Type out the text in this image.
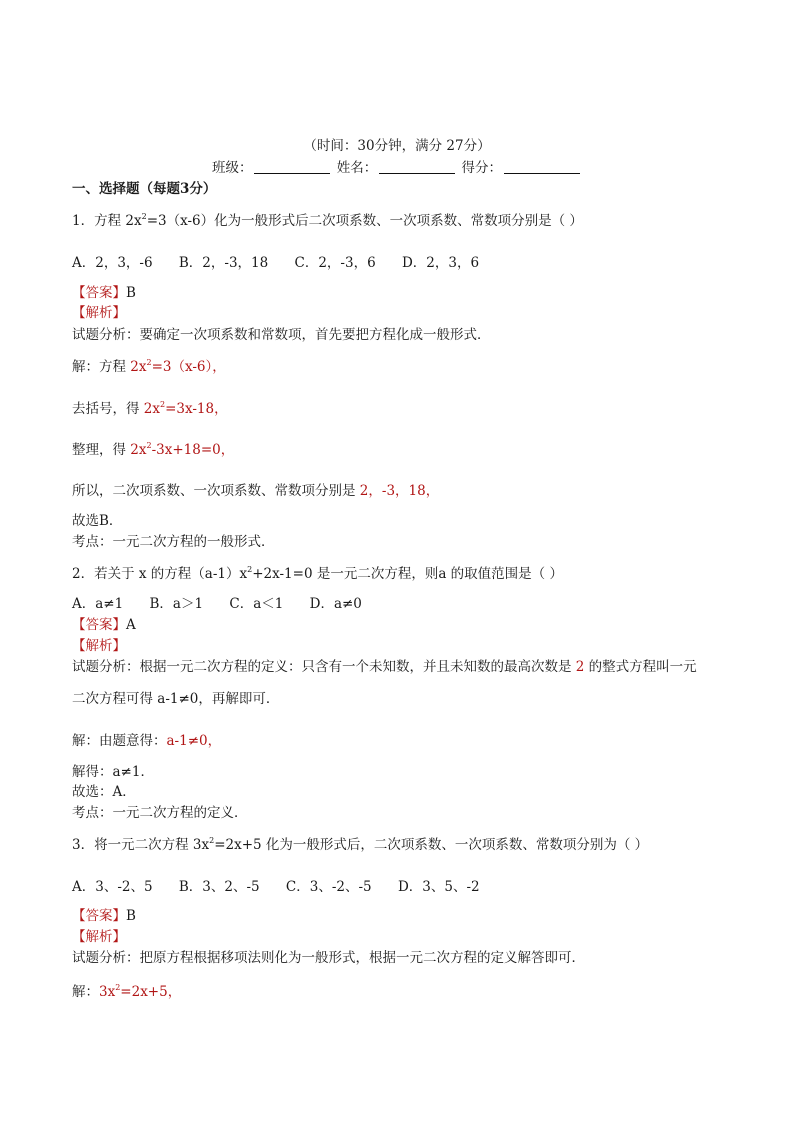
（时间：30分钟，满分 27分）
班级：	姓名：	得分：
一、选择题（每题3分）
1．方程 $2x^2=3(x-6)$化为一般形式后二次项系数、一次项系数、常数项分别是（ ）
A．2，3，-6 B．2，-3，18 C．2，-3，6 D．2，3，6
【答案】B
【解析】
试题分析：要确定一次项系数和常数项，首先要把方程化成一般形式．
解：方程 $2x^2=3(x-6)$，
去括号，得 $2x^2=3x-18$，
整理，得 $2x^2-3x+18=0$，
所以，二次项系数、一次项系数、常数项分别是 2，-3，18，
故选B．
考点：一元二次方程的一般形式．
2．若关于 x 的方程$(a-1)x^2+2x-1=0$ 是一元二次方程，则a 的取值范围是（ ）
A．a≠1 B．a＞1 C．a＜1 D．a≠0
【答案】A
【解析】
试题分析：根据一元二次方程的定义：只含有一个未知数，并且未知数的最高次数是 2 的整式方程叫一元
二次方程可得 a-1≠0，再解即可．
解：由题意得：a-1≠0，
解得：a≠1．
故选：A．
考点：一元二次方程的定义．
3．将一元二次方程 $3x^2=2x+5$ 化为一般形式后，二次项系数、一次项系数、常数项分别为（ ）
A．3、-2、5 B．3、2、-5 C．3、-2、-5 D．3、5、-2
【答案】B
【解析】
试题分析：把原方程根据移项法则化为一般形式，根据一元二次方程的定义解答即可．
解：$3x^2=2x+5$，
